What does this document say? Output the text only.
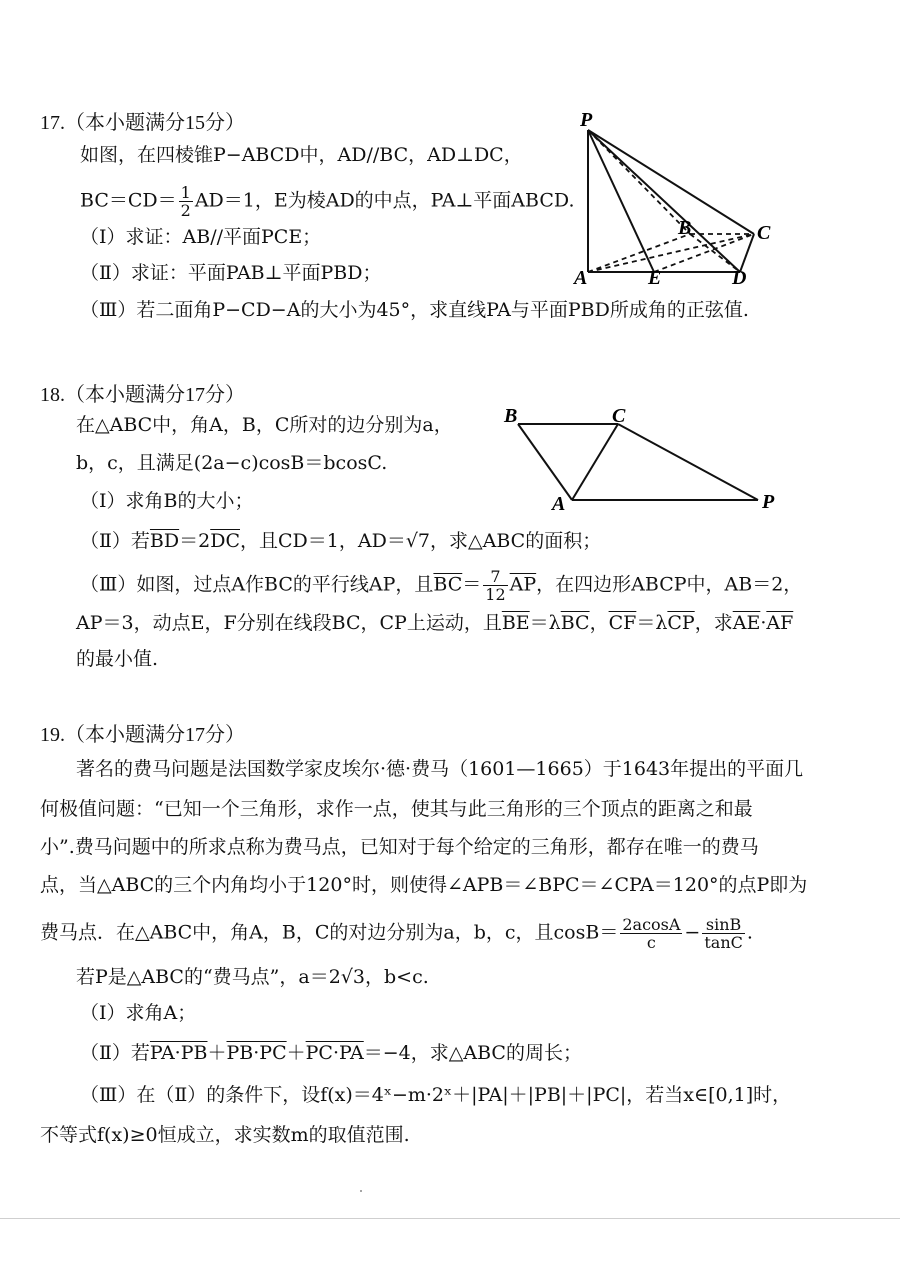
17.（本小题满分15分）
如图，在四棱锥P−ABCD中，AD//BC，AD⊥DC，
$BC=CD= \frac{1}{2} AD=1$，E为棱AD的中点，PA⊥平面ABCD.
（Ⅰ）求证：AB//平面PCE；
（Ⅱ）求证：平面PAB⊥平面PBD；
（Ⅲ）若二面角P−CD−A的大小为45°，求直线PA与平面PBD所成角的正弦值.
P
B	C
A	E	D
18.（本小题满分17分）
在△ABC中，角A，B，C所对的边分别为a，
b，c，且满足(2a−c)cosB＝bcosC.
（Ⅰ）求角B的大小；
（Ⅱ）若$\overline{BD}=2\overline{DC}$，且CD＝1，AD＝√7，求△ABC的面积；
（Ⅲ）如图，过点A作BC的平行线AP，且$\overline{BC}= \frac{7}{12} \overline{AP}$，在四边形ABCP中，AB＝2，
AP＝3，动点E，F分别在线段BC，CP上运动，且$\overline{BE}=\lambda\overline{BC}$，$\overline{CF}=\lambda\overline{CP}$，求$\overline{AE}\cdot\overline{AF}$
的最小值.
B	C
A	P
19.（本小题满分17分）
著名的费马问题是法国数学家皮埃尔·德·费马（1601—1665）于1643年提出的平面几
何极值问题：“已知一个三角形，求作一点，使其与此三角形的三个顶点的距离之和最
小”.费马问题中的所求点称为费马点，已知对于每个给定的三角形，都存在唯一的费马
点，当△ABC的三个内角均小于120°时，则使得∠APB＝∠BPC＝∠CPA＝120°的点P即为
费马点．在△ABC中，角A，B，C的对边分别为a，b，c，且$\cos B= \frac{2acosA}{c} - \frac{\sin B}{\tan C}$ .
若P是△ABC的“费马点”，a＝2√3，b<c.
（Ⅰ）求角A；
（Ⅱ）若PA·PB＋PB·PC＋PC·PA＝−4，求△ABC的周长；
（Ⅲ）在（Ⅱ）的条件下，设f(x)＝4ˣ−m·2ˣ＋|PA|＋|PB|＋|PC|，若当x∈[0,1]时，
不等式f(x)≥0恒成立，求实数m的取值范围.
